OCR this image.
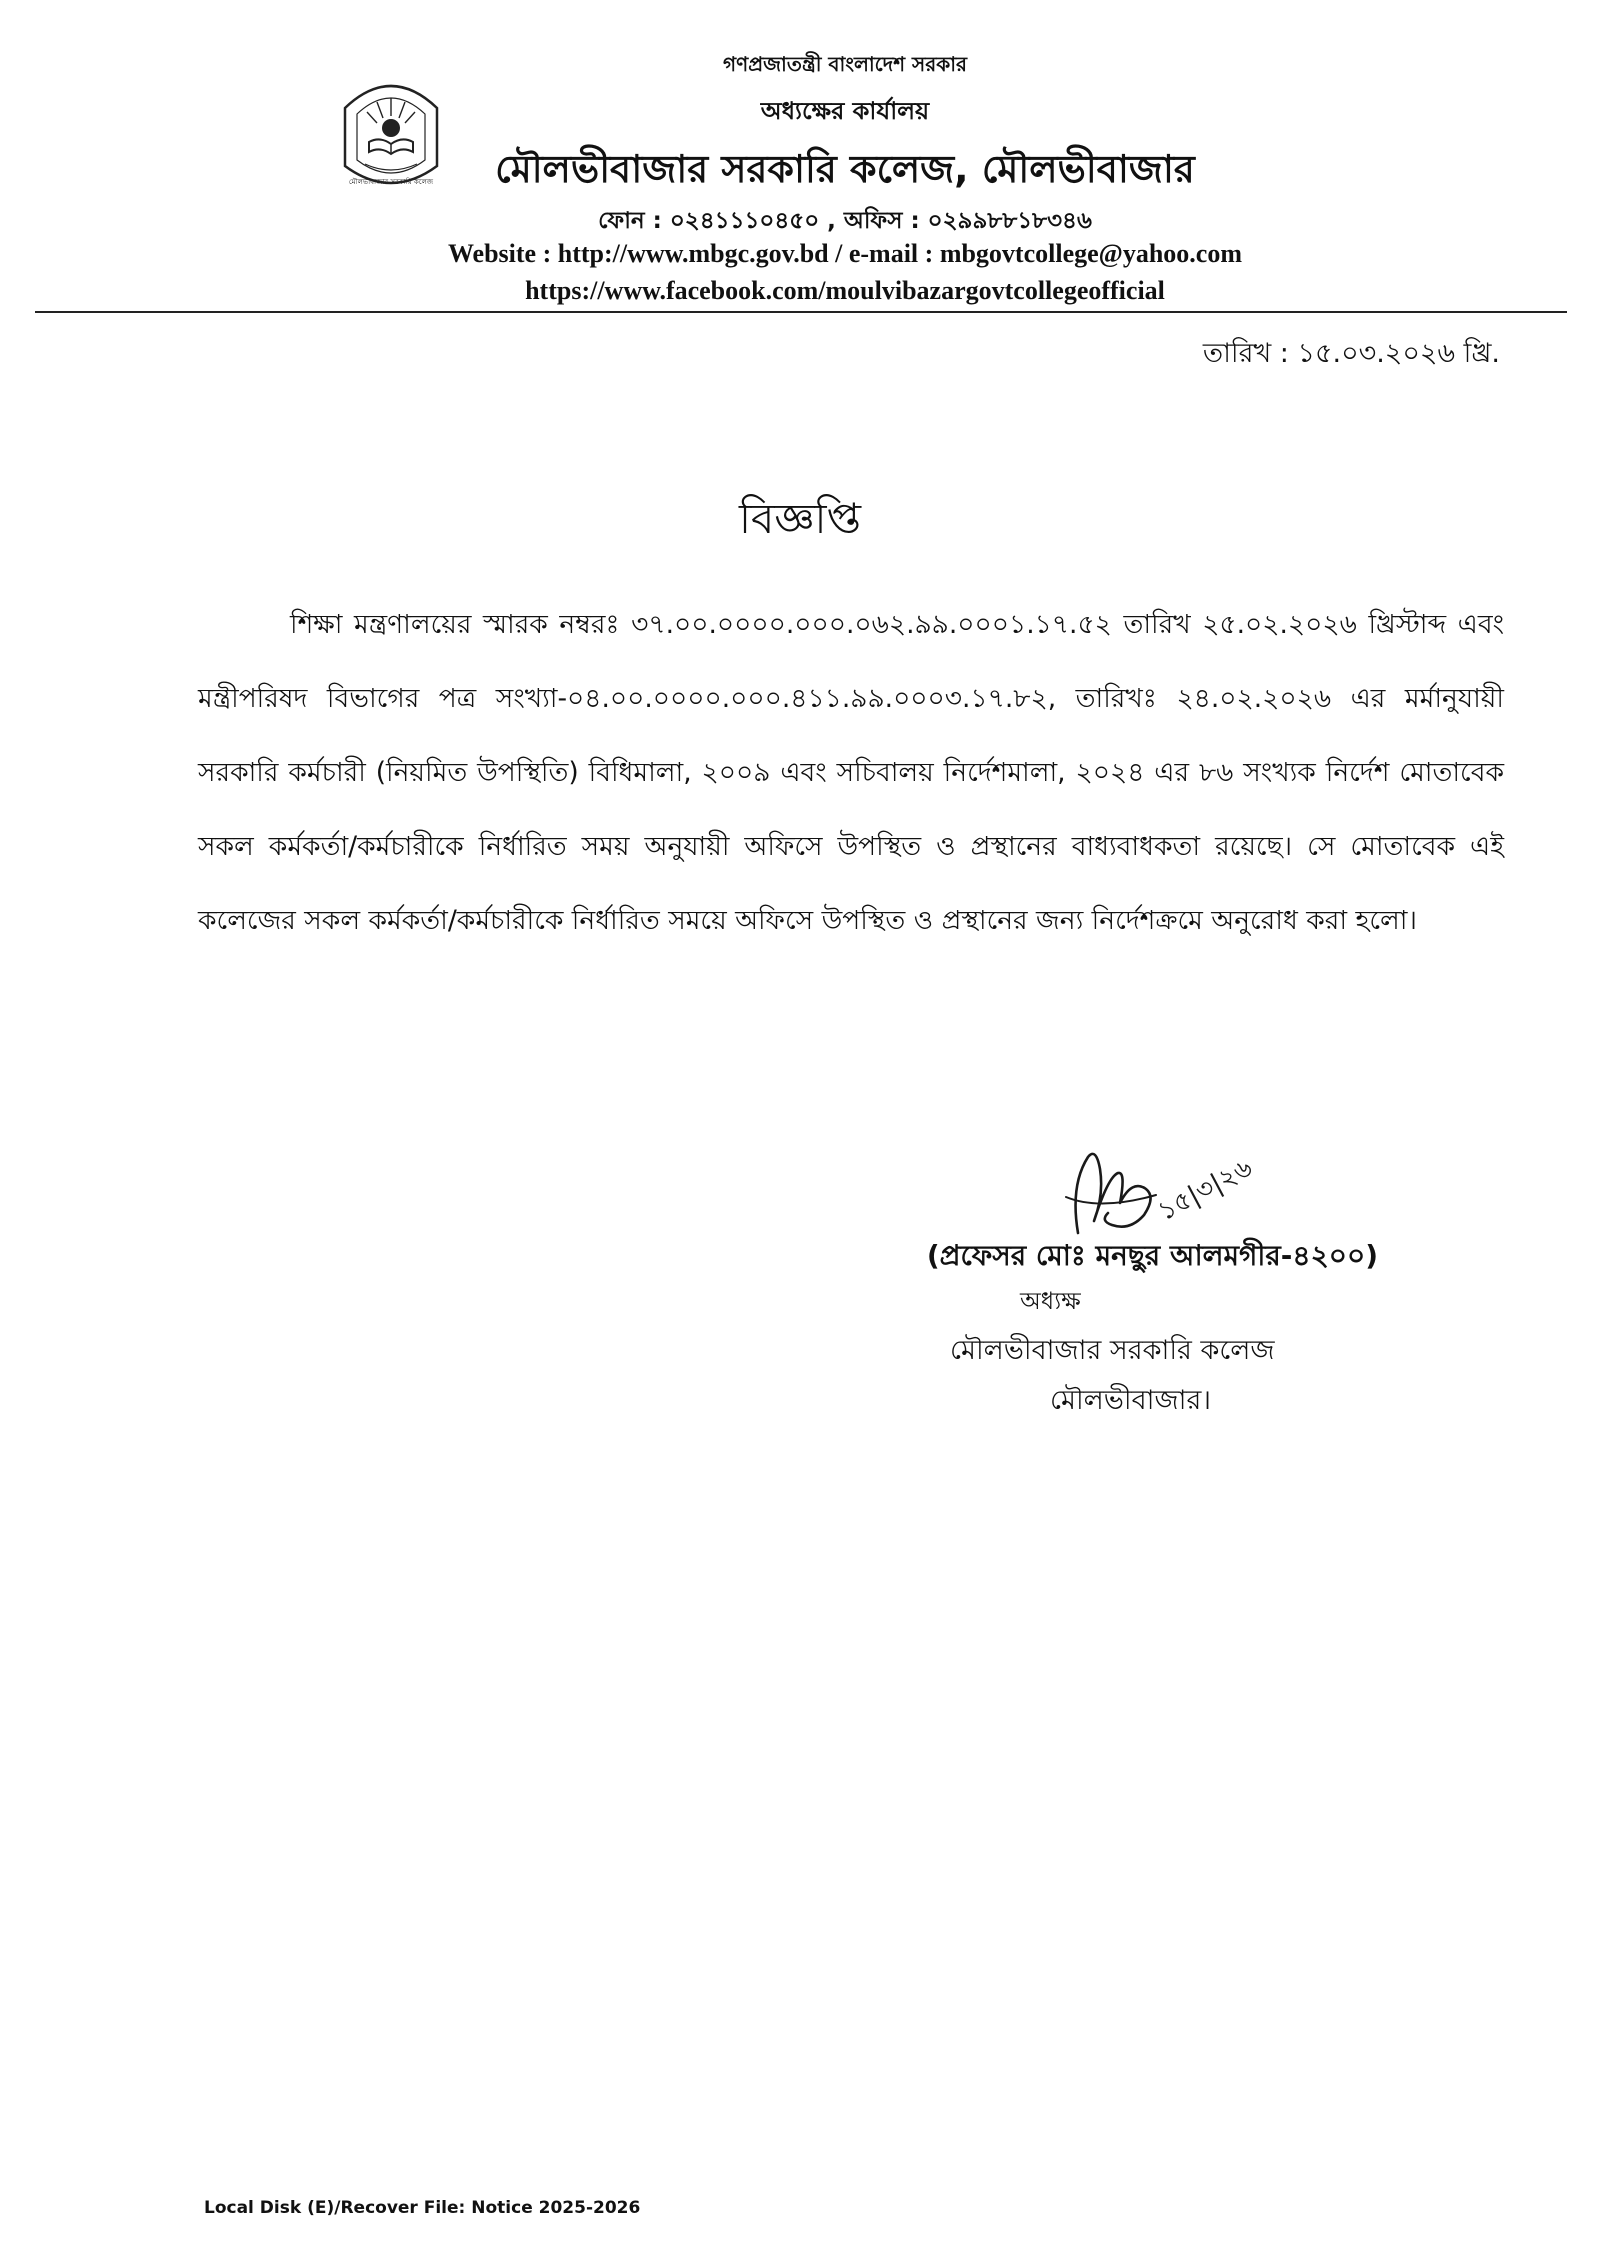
মৌলভীবাজার সরকারি কলেজ
গণপ্রজাতন্ত্রী বাংলাদেশ সরকার
অধ্যক্ষের কার্যালয়
মৌলভীবাজার সরকারি কলেজ, মৌলভীবাজার
ফোন : ০২৪১১১০৪৫০ , অফিস : ০২৯৯৮৮১৮৩৪৬
Website : http://www.mbgc.gov.bd / e-mail : mbgovtcollege@yahoo.com
https://www.facebook.com/moulvibazargovtcollegeofficial
তারিখ : ১৫.০৩.২০২৬ খ্রি.
বিজ্ঞপ্তি
শিক্ষা মন্ত্রণালয়ের স্মারক নম্বরঃ ৩৭.০০.০০০০.০০০.০৬২.৯৯.০০০১.১৭.৫২ তারিখ ২৫.০২.২০২৬ খ্রিস্টাব্দ এবং মন্ত্রীপরিষদ বিভাগের পত্র সংখ্যা-০৪.০০.০০০০.০০০.৪১১.৯৯.০০০৩.১৭.৮২, তারিখঃ ২৪.০২.২০২৬ এর মর্মানুযায়ী সরকারি কর্মচারী (নিয়মিত উপস্থিতি) বিধিমালা, ২০০৯ এবং সচিবালয় নির্দেশমালা, ২০২৪ এর ৮৬ সংখ্যক নির্দেশ মোতাবেক সকল কর্মকর্তা/কর্মচারীকে নির্ধারিত সময় অনুযায়ী অফিসে উপস্থিত ও প্রস্থানের বাধ্যবাধকতা রয়েছে। সে মোতাবেক এই কলেজের সকল কর্মকর্তা/কর্মচারীকে নির্ধারিত সময়ে অফিসে উপস্থিত ও প্রস্থানের জন্য নির্দেশক্রমে অনুরোধ করা হলো।
১৫|৩|২৬
(প্রফেসর মোঃ মনছুর আলমগীর-৪২০০)
অধ্যক্ষ
মৌলভীবাজার সরকারি কলেজ
মৌলভীবাজার।
Local Disk (E)/Recover File: Notice 2025-2026
